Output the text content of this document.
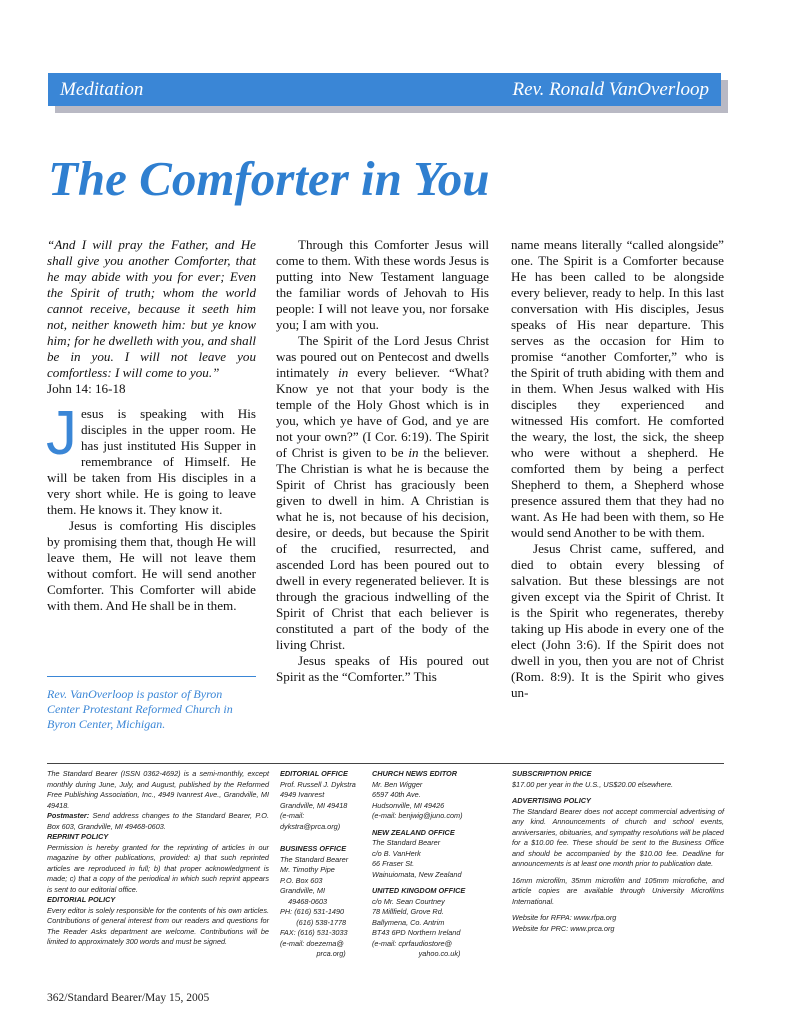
Meditation	Rev. Ronald VanOverloop
The Comforter in You

“And I will pray the Father, and He shall give you another Comforter, that he may abide with you for ever; Even the Spirit of truth; whom the world cannot receive, because it seeth him not, neither knoweth him: but ye know him; for he dwelleth with you, and shall be in you. I will not leave you comfortless: I will come to you.”

John 14: 16-18

Jesus is speaking with His disciples in the upper room. He has just instituted His Supper in remembrance of Himself. He will be taken from His disciples in a very short while. He is going to leave them. He knows it. They know it.

Jesus is comforting His disciples by promising them that, though He will leave them, He will not leave them without comfort. He will send another Comforter. This Comforter will abide with them. And He shall be in them.

Rev. VanOverloop is pastor of Byron Center Protestant Reformed Church in Byron Center, Michigan.

Through this Comforter Jesus will come to them. With these words Jesus is putting into New Testament language the familiar words of Jehovah to His people: I will not leave you, nor forsake you; I am with you.

The Spirit of the Lord Jesus Christ was poured out on Pentecost and dwells intimately in every believer. “What? Know ye not that your body is the temple of the Holy Ghost which is in you, which ye have of God, and ye are not your own?” (I Cor. 6:19). The Spirit of Christ is given to be in the believer. The Christian is what he is because the Spirit of Christ has graciously been given to dwell in him. A Christian is what he is, not because of his decision, desire, or deeds, but because the Spirit of the crucified, resurrected, and ascended Lord has been poured out to dwell in every regenerated believer. It is through the gracious indwelling of the Spirit of Christ that each believer is constituted a part of the body of the living Christ.

Jesus speaks of His poured out Spirit as the “Comforter.” This

name means literally “called alongside” one. The Spirit is a Comforter because He has been called to be alongside every believer, ready to help. In this last conversation with His disciples, Jesus speaks of His near departure. This serves as the occasion for Him to promise “another Comforter,” who is the Spirit of truth abiding with them and in them. When Jesus walked with His disciples they experienced and witnessed His comfort. He comforted the weary, the lost, the sick, the sheep who were without a shepherd. He comforted them by being a perfect Shepherd to them, a Shepherd whose presence assured them that they had no want. As He had been with them, so He would send Another to be with them.

Jesus Christ came, suffered, and died to obtain every blessing of salvation. But these blessings are not given except via the Spirit of Christ. It is the Spirit who regenerates, thereby taking up His abode in every one of the elect (John 3:6). If the Spirit does not dwell in you, then you are not of Christ (Rom. 8:9). It is the Spirit who gives un-

The Standard Bearer (ISSN 0362-4692) is a semi-monthly, except monthly during June, July, and August, published by the Reformed Free Publishing Association, Inc., 4949 Ivanrest Ave., Grandville, MI 49418.
Postmaster: Send address changes to the Standard Bearer, P.O. Box 603, Grandville, MI 49468-0603.
REPRINT POLICY
Permission is hereby granted for the reprinting of articles in our magazine by other publications, provided: a) that such reprinted articles are reproduced in full; b) that proper acknowledgment is made; c) that a copy of the periodical in which such reprint appears is sent to our editorial office.
EDITORIAL POLICY
Every editor is solely responsible for the contents of his own articles. Contributions of general interest from our readers and questions for The Reader Asks department are welcome. Contributions will be limited to approximately 300 words and must be signed.
EDITORIAL OFFICE
Prof. Russell J. Dykstra
4949 Ivanrest
Grandville, MI 49418
(e-mail:
dykstra@prca.org)
BUSINESS OFFICE
The Standard Bearer
Mr. Timothy Pipe
P.O. Box 603
Grandville, MI
49468-0603
PH: (616) 531-1490
(616) 538-1778
FAX: (616) 531-3033
(e-mail: doezema@
prca.org)
CHURCH NEWS EDITOR
Mr. Ben Wigger
6597 40th Ave.
Hudsonville, MI 49426
(e-mail: benjwig@juno.com)
NEW ZEALAND OFFICE
The Standard Bearer
c/o B. VanHerk
66 Fraser St.
Wainuiomata, New Zealand
UNITED KINGDOM OFFICE
c/o Mr. Sean Courtney
78 Millfield, Grove Rd.
Ballymena, Co. Antrim
BT43 6PD Northern Ireland
(e-mail: cprfaudiostore@
yahoo.co.uk)
SUBSCRIPTION PRICE
$17.00 per year in the U.S., US$20.00 elsewhere.
ADVERTISING POLICY
The Standard Bearer does not accept commercial advertising of any kind. Announcements of church and school events, anniversaries, obituaries, and sympathy resolutions will be placed for a $10.00 fee. These should be sent to the Business Office and should be accompanied by the $10.00 fee. Deadline for announcements is at least one month prior to publication date.
16mm microfilm, 35mm microfilm and 105mm microfiche, and article copies are available through University Microfilms International.
Website for RFPA: www.rfpa.org
Website for PRC: www.prca.org
362/Standard Bearer/May 15, 2005
